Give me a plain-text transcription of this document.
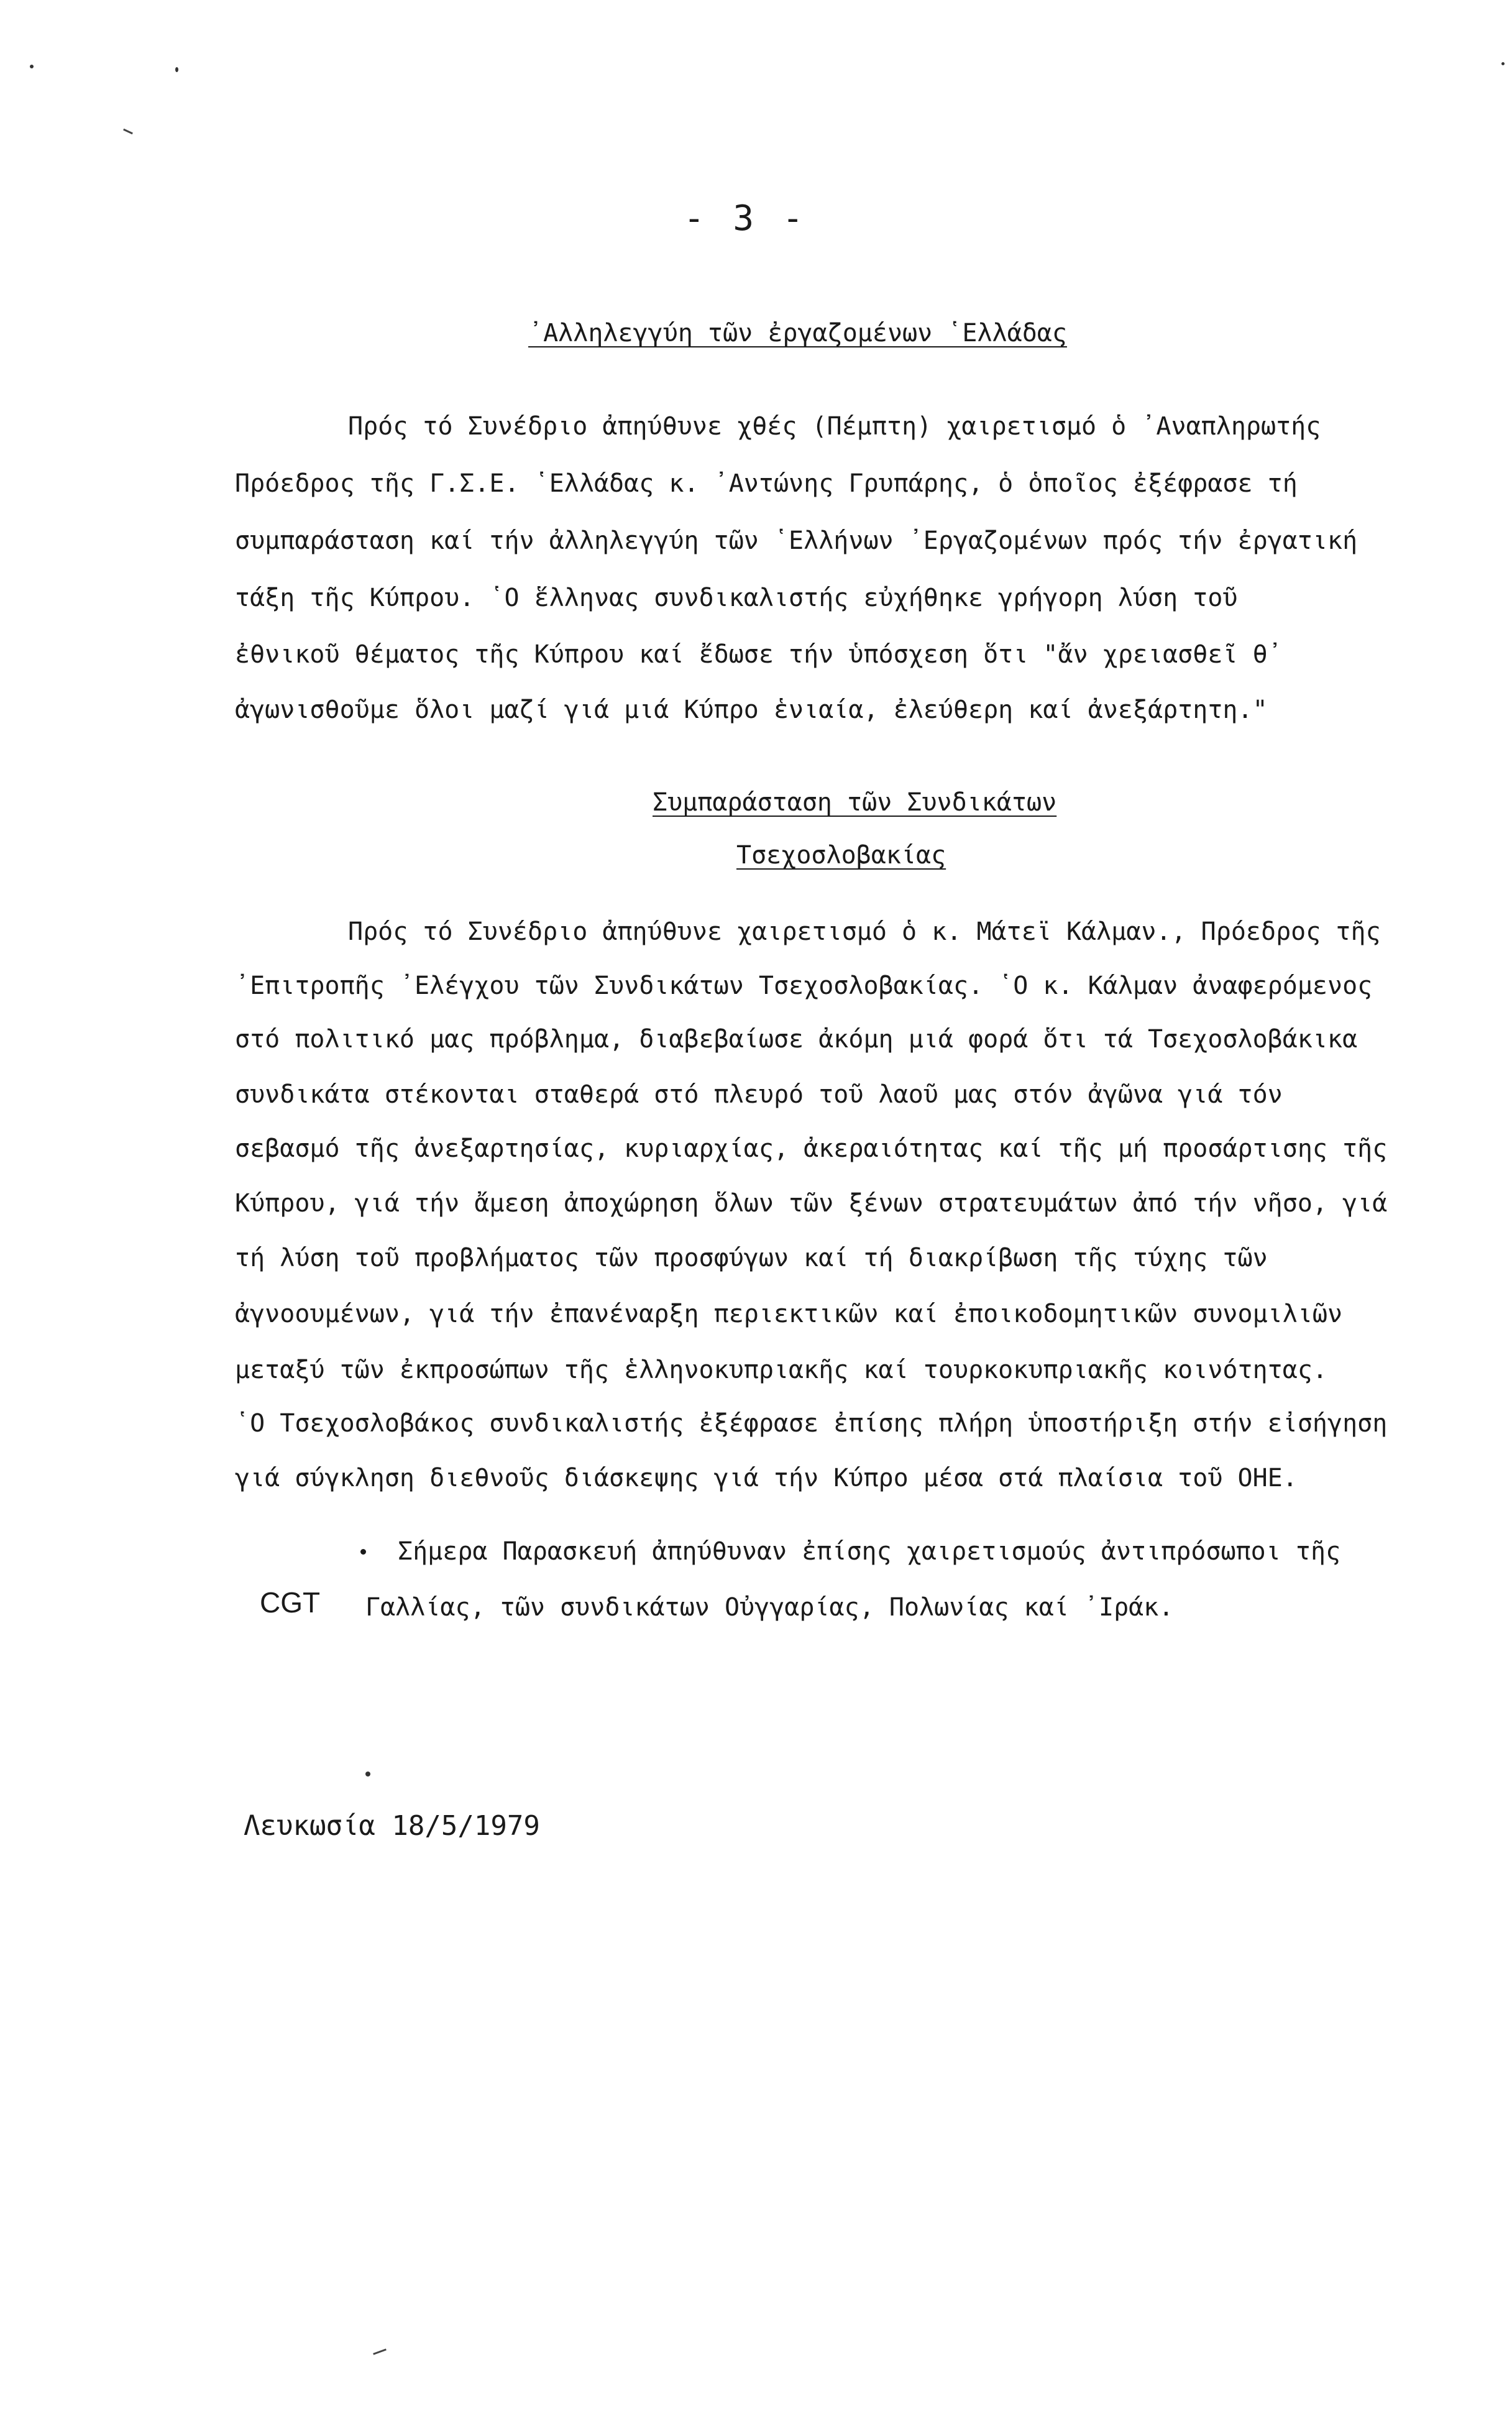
- 3 -
᾿Αλληλεγγύη τῶν ἐργαζομένων ῾Ελλάδας
Πρός τό Συνέδριο ἀπηύθυνε χθές (Πέμπτη) χαιρετισμό ὁ ᾿Αναπληρωτής
Πρόεδρος τῆς Γ.Σ.Ε. ῾Ελλάδας κ. ᾿Αντώνης Γρυπάρης, ὁ ὁποῖος ἐξέφρασε τή
συμπαράσταση καί τήν ἀλληλεγγύη τῶν ῾Ελλήνων ᾿Εργαζομένων πρός τήν ἐργατική
τάξη τῆς Κύπρου. ῾Ο ἕλληνας συνδικαλιστής εὐχήθηκε γρήγορη λύση τοῦ
ἐθνικοῦ θέματος τῆς Κύπρου καί ἔδωσε τήν ὑπόσχεση ὅτι "ἄν χρειασθεῖ θ᾿
ἀγωνισθοῦμε ὅλοι μαζί γιά μιά Κύπρο ἑνιαία, ἐλεύθερη καί ἀνεξάρτητη."
Συμπαράσταση τῶν Συνδικάτων
Τσεχοσλοβακίας
Πρός τό Συνέδριο ἀπηύθυνε χαιρετισμό ὁ κ. Μάτεϊ Κάλμαν., Πρόεδρος τῆς
᾿Επιτροπῆς ᾿Ελέγχου τῶν Συνδικάτων Τσεχοσλοβακίας. ῾Ο κ. Κάλμαν ἀναφερόμενος
στό πολιτικό μας πρόβλημα, διαβεβαίωσε ἀκόμη μιά φορά ὅτι τά Τσεχοσλοβάκικα
συνδικάτα στέκονται σταθερά στό πλευρό τοῦ λαοῦ μας στόν ἀγῶνα γιά τόν
σεβασμό τῆς ἀνεξαρτησίας, κυριαρχίας, ἀκεραιότητας καί τῆς μή προσάρτισης τῆς
Κύπρου, γιά τήν ἄμεση ἀποχώρηση ὅλων τῶν ξένων στρατευμάτων ἀπό τήν νῆσο, γιά
τή λύση τοῦ προβλήματος τῶν προσφύγων καί τή διακρίβωση τῆς τύχης τῶν
ἀγνοουμένων, γιά τήν ἐπανέναρξη περιεκτικῶν καί ἐποικοδομητικῶν συνομιλιῶν
μεταξύ τῶν ἐκπροσώπων τῆς ἑλληνοκυπριακῆς καί τουρκοκυπριακῆς κοινότητας.
῾Ο Τσεχοσλοβάκος συνδικαλιστής ἐξέφρασε ἐπίσης πλήρη ὑποστήριξη στήν εἰσήγηση
γιά σύγκληση διεθνοῦς διάσκεψης γιά τήν Κύπρο μέσα στά πλαίσια τοῦ ΟΗΕ.
Σήμερα Παρασκευή ἀπηύθυναν ἐπίσης χαιρετισμούς ἀντιπρόσωποι τῆς
CGT Γαλλίας, τῶν συνδικάτων Οὐγγαρίας, Πολωνίας καί ᾿Ιράκ.
Λευκωσία 18/5/1979
